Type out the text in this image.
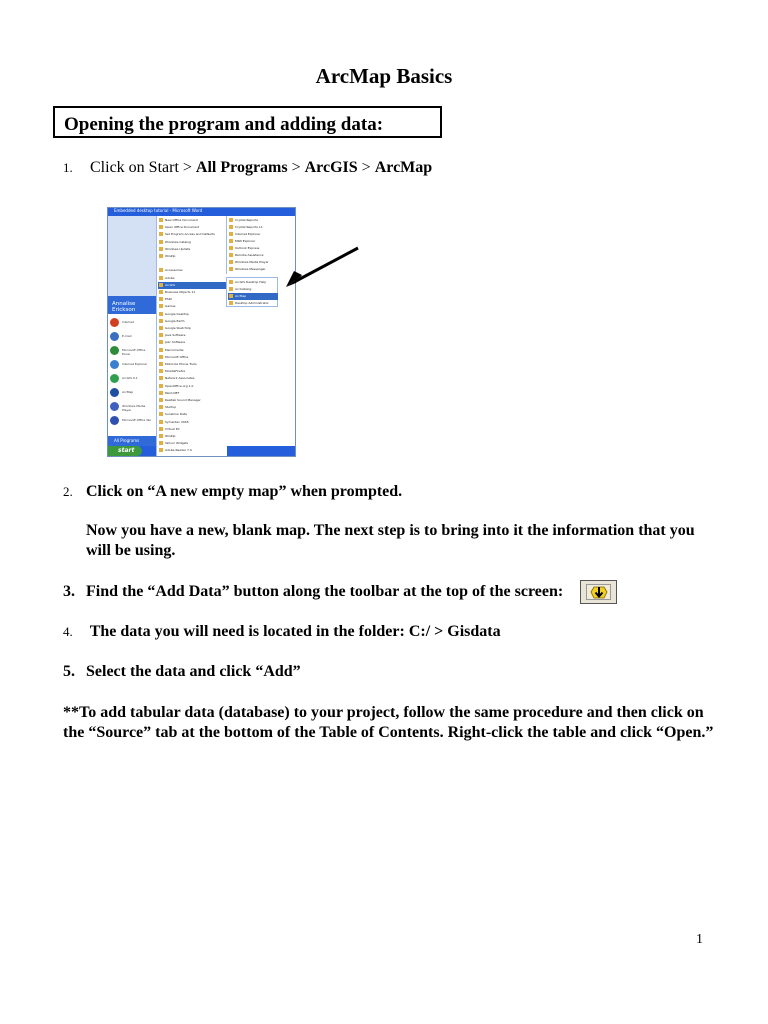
ArcMap Basics
Opening the program and adding data:
1. Click on Start > All Programs > ArcGIS > ArcMap
Embedded desktop tutorial - Microsoft Word
Annalise Erickson
Internet
E-mail
Microsoft Office Excel
Internet Explorer
ArcGIS 9.1
ArcMap
Windows Media Player
Microsoft Office Wo
All Programs
start
New Office Document
Open Office Document
Set Program Access and Defaults
Windows Catalog
Windows Update
WinZip
Accessories
Adobe
ArcGIS
Business Objects 11
ESRI
Games
Google Desktop
Google Earth
Google SketchUp
Java Software
Jasc Software
Macromedia
Microsoft Office
Motorola Phone Tools
MozillaFirefox
Network Associates
OpenOffice.org 1.0
Paint.NET
Realtek Sound Manager
Startup
Sunshine Data
Symantec 2005
Virtual PC
WinZip
Yahoo! Widgets
Adobe Reader 7.0
Crystal Reports
Crystal Reports 11
Internet Explorer
MSN Explorer
Outlook Express
Remote Assistance
Windows Media Player
Windows Messenger
ArcGIS Desktop Help
ArcCatalog
ArcMap
Desktop Administrator
2. Click on “A new empty map” when prompted.
Now you have a new, blank map. The next step is to bring into it the information that you will be using.
3. Find the “Add Data” button along the toolbar at the top of the screen:
4. The data you will need is located in the folder: C:/ > Gisdata
5. Select the data and click “Add”
**To add tabular data (database) to your project, follow the same procedure and then click on the “Source” tab at the bottom of the Table of Contents. Right-click the table and click “Open.”
1
